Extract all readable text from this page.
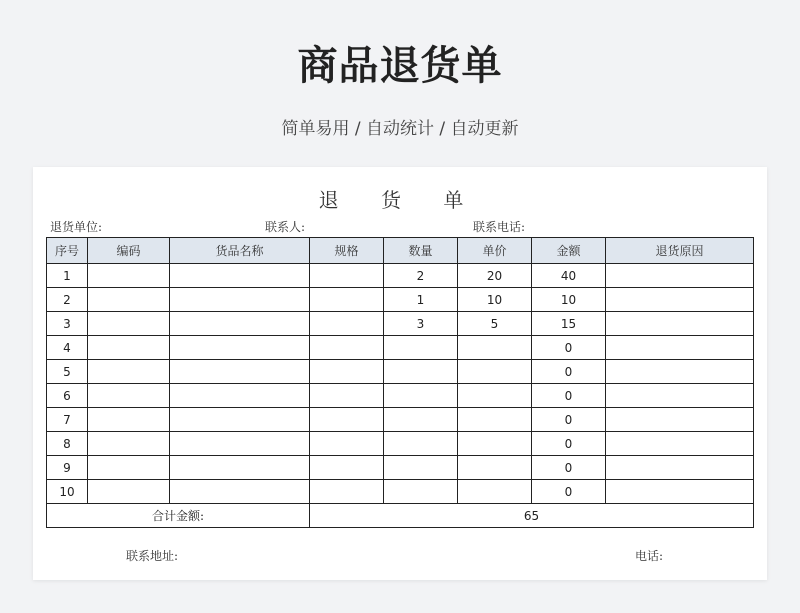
商品退货单
简单易用 / 自动统计 / 自动更新
退 货 单
退货单位:	联系人:	联系电话:
序号	编码	货品名称	规格	数量	单价	金额	退货原因
1				2	20	40	
2				1	10	10	
3				3	5	15	
4						0	
5						0	
6						0	
7						0	
8						0	
9						0	
10						0	
合计金额:			65				
联系地址:	电话:
